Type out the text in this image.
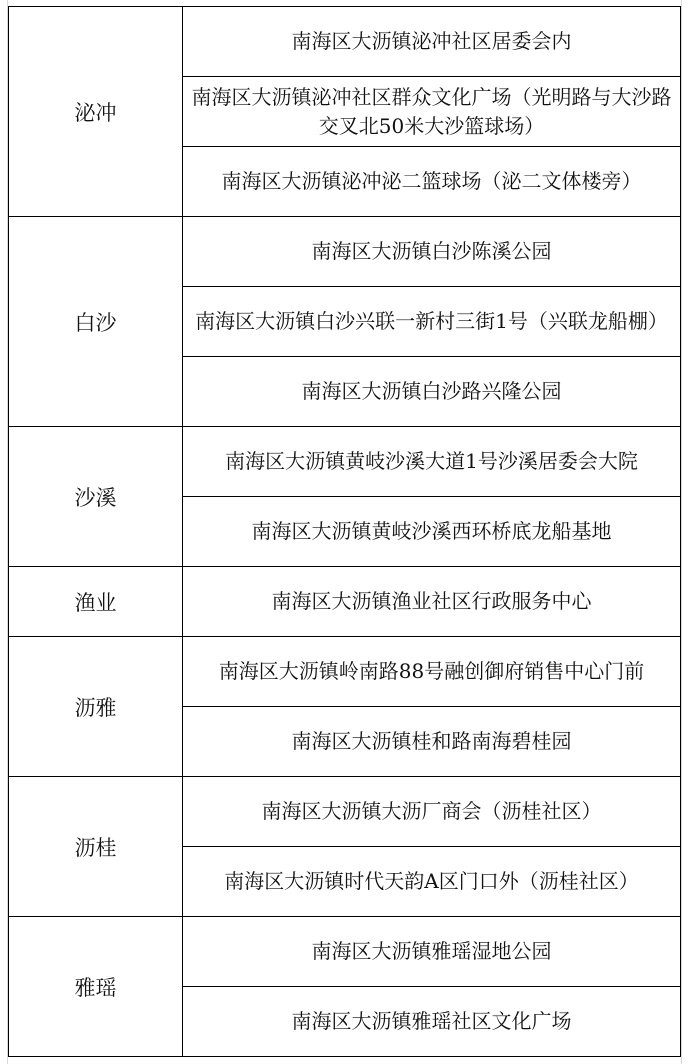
泌冲	南海区大沥镇泌冲社区居委会内
	南海区大沥镇泌冲社区群众文化广场（光明路与大沙路交叉北50米大沙篮球场）
	南海区大沥镇泌冲泌二篮球场（泌二文体楼旁）
白沙	南海区大沥镇白沙陈溪公园
	南海区大沥镇白沙兴联一新村三街1号（兴联龙船棚）
	南海区大沥镇白沙路兴隆公园
沙溪	南海区大沥镇黄岐沙溪大道1号沙溪居委会大院
	南海区大沥镇黄岐沙溪西环桥底龙船基地
渔业	南海区大沥镇渔业社区行政服务中心
沥雅	南海区大沥镇岭南路88号融创御府销售中心门前
	南海区大沥镇桂和路南海碧桂园
沥桂	南海区大沥镇大沥厂商会（沥桂社区）
	南海区大沥镇时代天韵A区门口外（沥桂社区）
雅瑶	南海区大沥镇雅瑶湿地公园
	南海区大沥镇雅瑶社区文化广场
